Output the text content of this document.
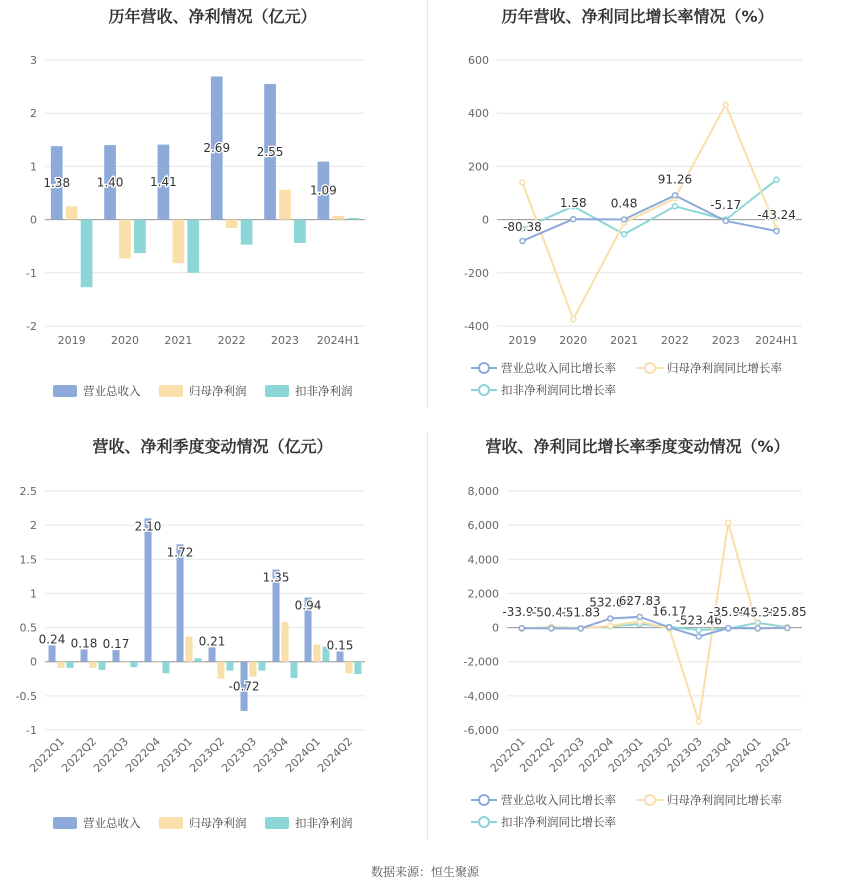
历年营收、净利情况（亿元）
3
2
1
0
-1
-2
2019 2020 2021 2022 2023 2024H1
1.38 1.40 1.41
2.69 2.55
1.09
营业总收入	归母净利润	扣非净利润
历年营收、净利同比增长率情况（%）
600
400
200
0
-200
-400
2019 2020 2021 2022 2023 2024H1
-80.38
1.58 0.48
91.26
-5.17
-43.24
营业总收入同比增长率	归母净利润同比增长率
扣非净利润同比增长率
营收、净利季度变动情况（亿元）
2.5
2
1.5
1
0.5
0
-0.5
-1
2022Q1
2022Q2
2022Q3
2022Q4
2023Q1
2023Q2
2023Q3
2023Q4
2024Q1
2024Q2
0.24 0.18 0.17
2.10
1.72
0.21
-0.72
1.35
0.94
0.15
营业总收入	归母净利润	扣非净利润
营收、净利同比增长率季度变动情况（%）
8,000
6,000
4,000
2,000
0
-2,000
-4,000
-6,000
2022Q1
2022Q2
2022Q3
2022Q4
2023Q1
2023Q2
2023Q3
2023Q4
2024Q1
2024Q2
-33.97
-50.43
-51.83
532.04
627.83
16.17
-523.46
-35.99
-45.36
-25.85
营业总收入同比增长率	归母净利润同比增长率
扣非净利润同比增长率
数据来源：恒生聚源
